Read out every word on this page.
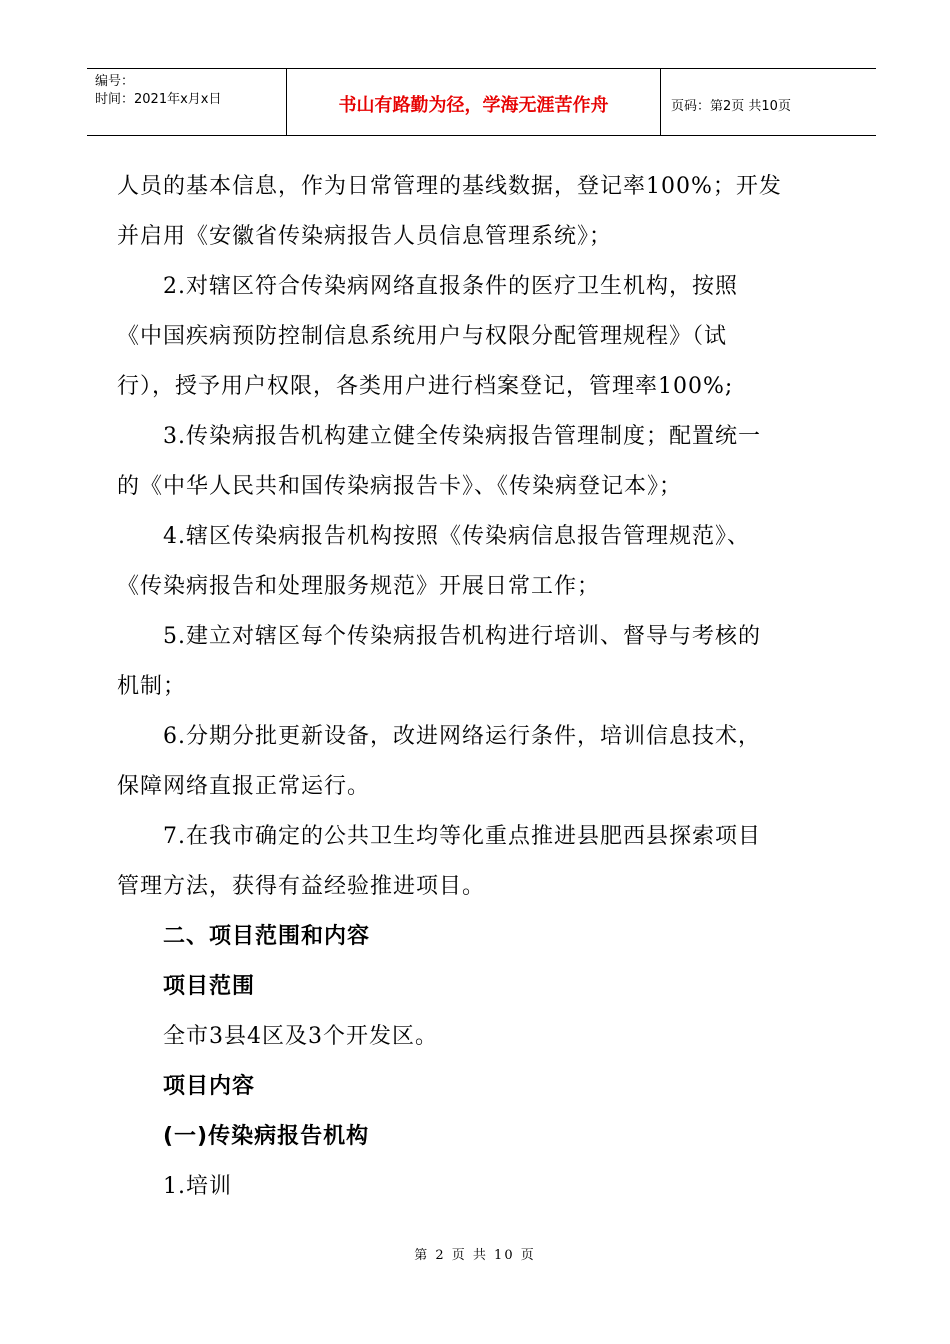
编号：
时间：2021年x月x日	书山有路勤为径，学海无涯苦作舟	页码：第2页 共10页
人员的基本信息，作为日常管理的基线数据，登记率100%；开发
并启用《安徽省传染病报告人员信息管理系统》；
2.对辖区符合传染病网络直报条件的医疗卫生机构，按照
《中国疾病预防控制信息系统用户与权限分配管理规程》（试
行），授予用户权限，各类用户进行档案登记，管理率100%;
3.传染病报告机构建立健全传染病报告管理制度；配置统一
的《中华人民共和国传染病报告卡》、《传染病登记本》；
4.辖区传染病报告机构按照《传染病信息报告管理规范》、
《传染病报告和处理服务规范》开展日常工作；
5.建立对辖区每个传染病报告机构进行培训、督导与考核的
机制；
6.分期分批更新设备，改进网络运行条件，培训信息技术，
保障网络直报正常运行。
7.在我市确定的公共卫生均等化重点推进县肥西县探索项目
管理方法，获得有益经验推进项目。
二、项目范围和内容
项目范围
全市3县4区及3个开发区。
项目内容
(一)传染病报告机构
1.培训
第 2 页 共 10 页
